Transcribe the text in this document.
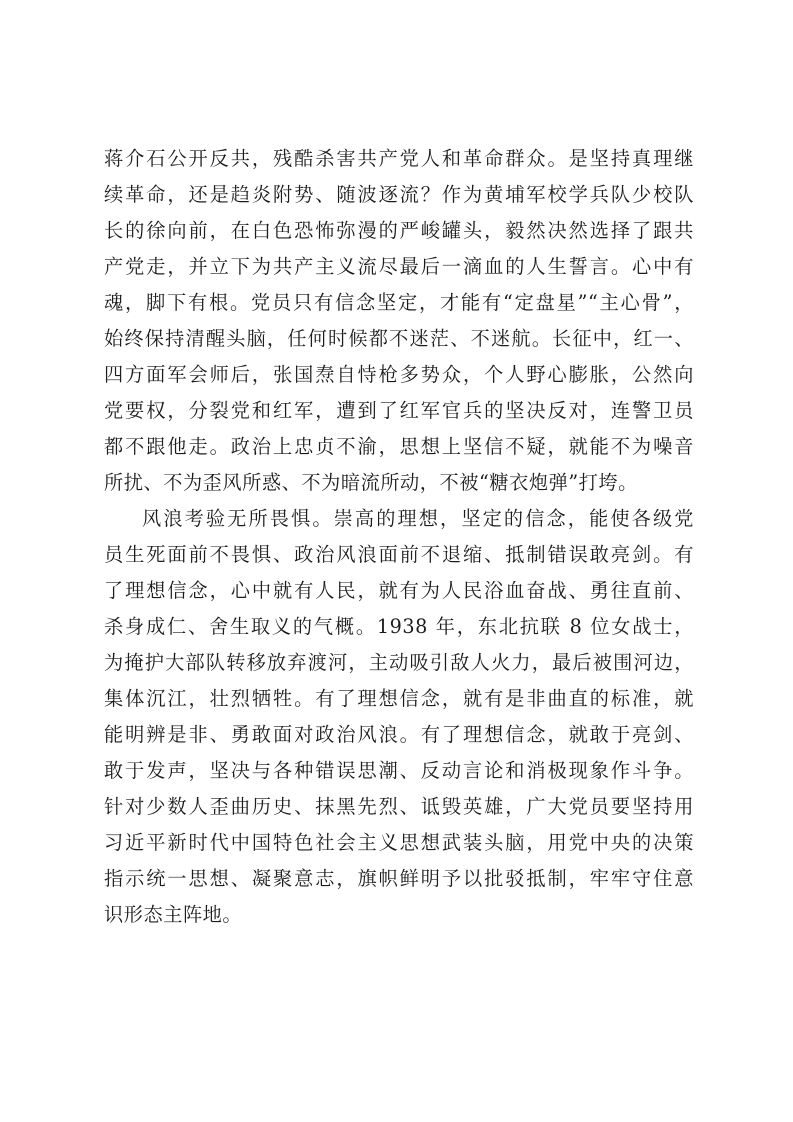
蒋介石公开反共，残酷杀害共产党人和革命群众。是坚持真理继
续革命，还是趋炎附势、随波逐流？作为黄埔军校学兵队少校队
长的徐向前，在白色恐怖弥漫的严峻罐头，毅然决然选择了跟共
产党走，并立下为共产主义流尽最后一滴血的人生誓言。心中有
魂，脚下有根。党员只有信念坚定，才能有“定盘星”“主心骨”，
始终保持清醒头脑，任何时候都不迷茫、不迷航。长征中，红一、
四方面军会师后，张国焘自恃枪多势众，个人野心膨胀，公然向
党要权，分裂党和红军，遭到了红军官兵的坚决反对，连警卫员
都不跟他走。政治上忠贞不渝，思想上坚信不疑，就能不为噪音
所扰、不为歪风所惑、不为暗流所动，不被“糖衣炮弹”打垮。
风浪考验无所畏惧。崇高的理想，坚定的信念，能使各级党
员生死面前不畏惧、政治风浪面前不退缩、抵制错误敢亮剑。有
了理想信念，心中就有人民，就有为人民浴血奋战、勇往直前、
杀身成仁、舍生取义的气概。1938 年，东北抗联 8 位女战士，
为掩护大部队转移放弃渡河，主动吸引敌人火力，最后被围河边，
集体沉江，壮烈牺牲。有了理想信念，就有是非曲直的标准，就
能明辨是非、勇敢面对政治风浪。有了理想信念，就敢于亮剑、
敢于发声，坚决与各种错误思潮、反动言论和消极现象作斗争。
针对少数人歪曲历史、抹黑先烈、诋毁英雄，广大党员要坚持用
习近平新时代中国特色社会主义思想武装头脑，用党中央的决策
指示统一思想、凝聚意志，旗帜鲜明予以批驳抵制，牢牢守住意
识形态主阵地。
